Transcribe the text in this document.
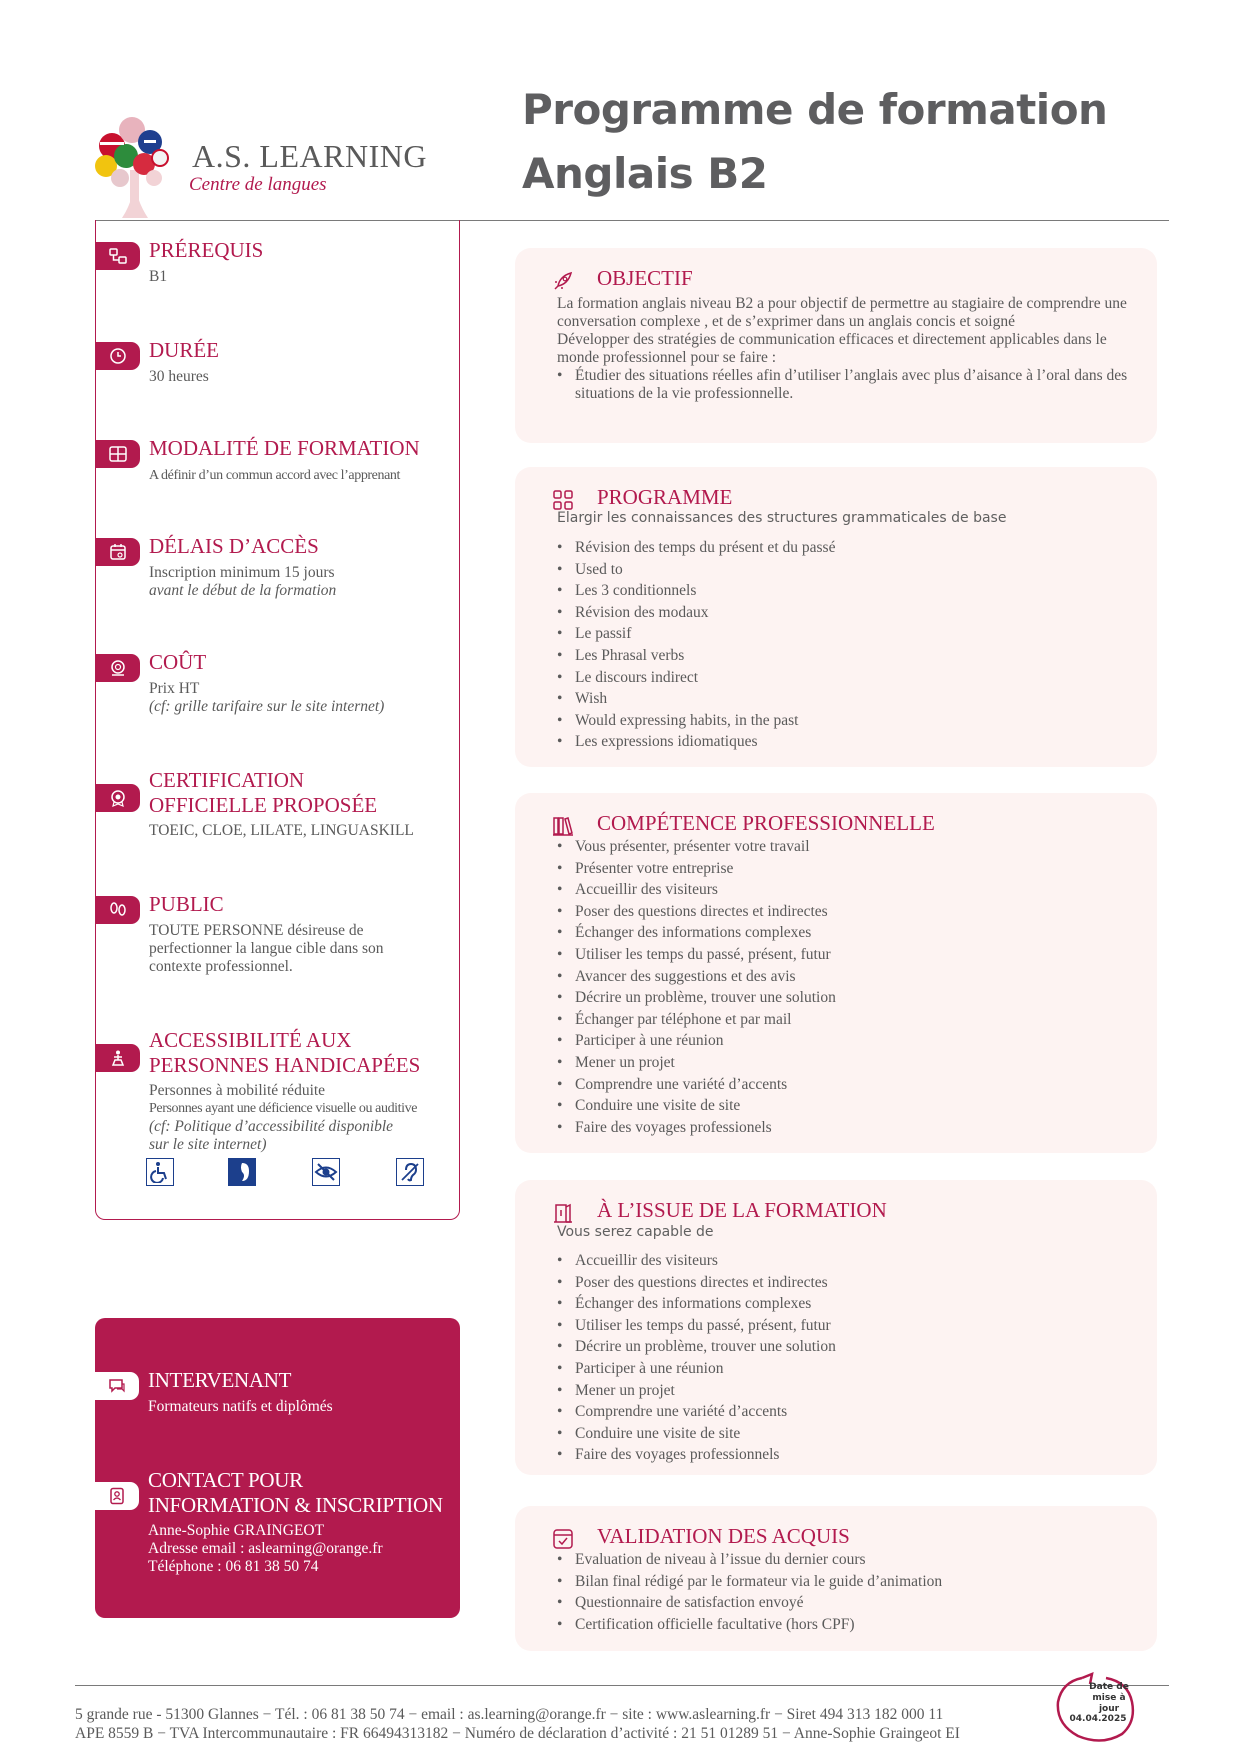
A.S. LEARNING
Centre de langues
Programme de formation
Anglais B2
PRÉREQUIS
B1
DURÉE
30 heures
MODALITÉ DE FORMATION
A définir d’un commun accord avec l’apprenant
DÉLAIS D’ACCÈS
Inscription minimum 15 jours
avant le début de la formation
COÛT
Prix HT
(cf: grille tarifaire sur le site internet)
CERTIFICATION
OFFICIELLE PROPOSÉE
TOEIC, CLOE, LILATE, LINGUASKILL
PUBLIC
TOUTE PERSONNE désireuse de
perfectionner la langue cible dans son
contexte professionnel.
ACCESSIBILITÉ AUX
PERSONNES HANDICAPÉES
Personnes à mobilité réduite
Personnes ayant une déficience visuelle ou auditive
(cf: Politique d’accessibilité disponible
sur le site internet)
INTERVENANT
Formateurs natifs et diplômés
CONTACT POUR
INFORMATION & INSCRIPTION
Anne-Sophie GRAINGEOT
Adresse email : aslearning@orange.fr
Téléphone : 06 81 38 50 74
OBJECTIF
La formation anglais niveau B2 a pour objectif de permettre au stagiaire de comprendre une conversation complexe , et de s’exprimer dans un anglais concis et soigné
Développer des stratégies de communication efficaces et directement applicables dans le monde professionnel pour se faire :
• Étudier des situations réelles afin d’utiliser l’anglais avec plus d’aisance à l’oral dans des situations de la vie professionnelle.
PROGRAMME
Elargir les connaissances des structures grammaticales de base
• Révision des temps du présent et du passé
• Used to
• Les 3 conditionnels
• Révision des modaux
• Le passif
• Les Phrasal verbs
• Le discours indirect
• Wish
• Would expressing habits, in the past
• Les expressions idiomatiques
COMPÉTENCE PROFESSIONNELLE
• Vous présenter, présenter votre travail
• Présenter votre entreprise
• Accueillir des visiteurs
• Poser des questions directes et indirectes
• Échanger des informations complexes
• Utiliser les temps du passé, présent, futur
• Avancer des suggestions et des avis
• Décrire un problème, trouver une solution
• Échanger par téléphone et par mail
• Participer à une réunion
• Mener un projet
• Comprendre une variété d’accents
• Conduire une visite de site
• Faire des voyages professionels
À L’ISSUE DE LA FORMATION
Vous serez capable de
• Accueillir des visiteurs
• Poser des questions directes et indirectes
• Échanger des informations complexes
• Utiliser les temps du passé, présent, futur
• Décrire un problème, trouver une solution
• Participer à une réunion
• Mener un projet
• Comprendre une variété d’accents
• Conduire une visite de site
• Faire des voyages professionnels
VALIDATION DES ACQUIS
• Evaluation de niveau à l’issue du dernier cours
• Bilan final rédigé par le formateur via le guide d’animation
• Questionnaire de satisfaction envoyé
• Certification officielle facultative (hors CPF)
5 grande rue - 51300 Glannes − Tél. : 06 81 38 50 74 − email : as.learning@orange.fr − site : www.aslearning.fr − Siret 494 313 182 000 11
APE 8559 B − TVA Intercommunautaire : FR 66494313182 − Numéro de déclaration d’activité : 21 51 01289 51 − Anne-Sophie Graingeot EI
Date de mise à jour
04.04.2025
